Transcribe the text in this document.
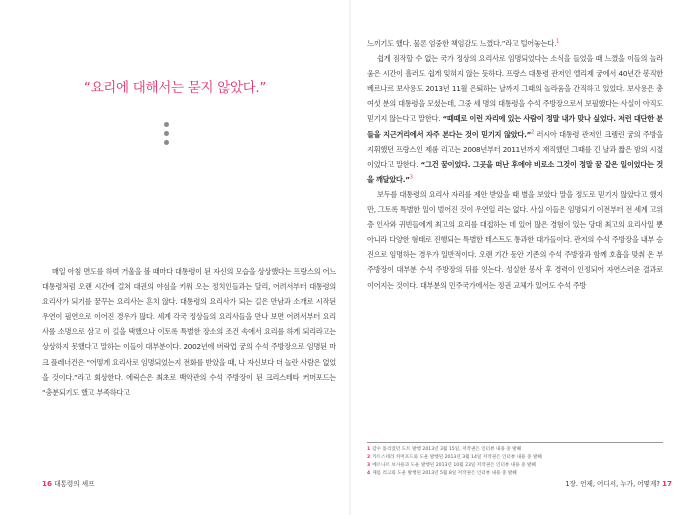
“요리에 대해서는 묻지 않았다.”

매일 아침 면도를 하며 거울을 볼 때마다 대통령이 된 자신의 모습을 상상했다는 프랑스의 어느 대통령처럼 오랜 시간에 걸쳐 대권의 야심을 키워 오는 정치인들과는 달리, 어려서부터 대통령의 요리사가 되기를 꿈꾸는 요리사는 흔치 않다. 대통령의 요리사가 되는 길은 만남과 소개로 시작된 우연이 필연으로 이어진 경우가 많다. 세계 각국 정상들의 요리사들을 만나 보면 어려서부터 요리사를 소명으로 삼고 이 길을 택했으나 이토록 특별한 장소의 조건 속에서 요리를 하게 되리라고는 상상하지 못했다고 말하는 이들이 대부분이다. 2002년에 버락업 궁의 수석 주방장으로 임명된 마크 플레너건은 “어떻게 요리사로 임명되었는지 전화를 받았을 때, 나 자신보다 더 놀란 사람은 없었을 것이다.”라고 회상한다. 에릭슨은 최초로 백악관의 수석 주방장이 된 크리스테타 커머포드는 “충분되기도 했고 부족하다고

16 대통령의 셰프

느끼기도 했다. 물론 엄중한 책임감도 느꼈다.”라고 털어놓는다.$^1$

쉽게 짐작할 수 없는 국가 정상의 요리사로 임명되었다는 소식을 들었을 때 느꼈을 이들의 놀라움은 시간이 흘러도 쉽게 잊혀지 않는 듯하다. 프랑스 대통령 관저인 엘리제 궁에서 40년간 봉직한 베르나르 보사용도 2013년 11월 은퇴하는 날까지 그때의 놀라움을 간직하고 있었다. 보사용은 총 여섯 분의 대통령을 모셨는데, 그중 세 명의 대통령을 수석 주방장으로서 보필했다는 사실이 아직도 믿기지 않는다고 말한다. “때때로 이런 자리에 있는 사람이 정말 내가 맞나 싶었다. 저런 대단한 분들을 지근거리에서 자주 본다는 것이 믿기지 않았다.”$^2$ 러시아 대통령 관저인 크렘린 궁의 주방을 지휘했던 프랑스인 제롬 리고는 2008년부터 2011년까지 재직했던 그때를 긴 날과 짧은 밤의 시절이었다고 말한다. “그건 꿈이었다. 그곳을 떠난 후에야 비로소 그것이 정말 꿈 같은 일이었다는 것을 깨달았다.”$^3$

보두를 대통령의 요리사 자리를 제안 받았을 때 별을 보았다 말을 정도로 믿기지 않았다고 했지만, 그토록 특별한 일이 벌어진 것이 우연일 리는 없다. 사실 이들은 임명되기 이전부터 전 세계 고위층 인사와 귀빈들에게 최고의 요리를 대접하는 데 있어 많은 경험이 있는 당대 최고의 요리사일 뿐 아니라 다양한 형태로 진행되는 특별한 테스트도 통과한 대가들이다. 관저의 수석 주방장을 내부 승진으로 임명하는 경우가 일반적이다. 오랜 기간 동안 기존의 수석 주방장과 함께 호흡을 맞춰 온 부주방장이 대부분 수석 주방장의 뒤를 잇는다. 성실한 봉사 후 경력이 인정되어 자연스러운 결과로 이어지는 것이다. 대부분의 민주국가에서는 정권 교체가 있어도 수석 주방

1 감수 틀리었던 도트 발행 2013년 3월 15일, 저작권은 인터뷰 내용 중 발췌
2 카트스테라 커머포드와 도운 발행된 2013년 3월 14일 저작권은 인터뷰 내용 중 발췌
3 베르나르 보사용과 도운 발행된 2013년 10월 23일 저작권은 인터뷰 내용 중 발췌
4 제롬 리고와 도운 발행된 2013년 5월 8일 저작권은 인터뷰 내용 중 발췌
1장. 언제, 어디서, 누가, 어떻게? 17
